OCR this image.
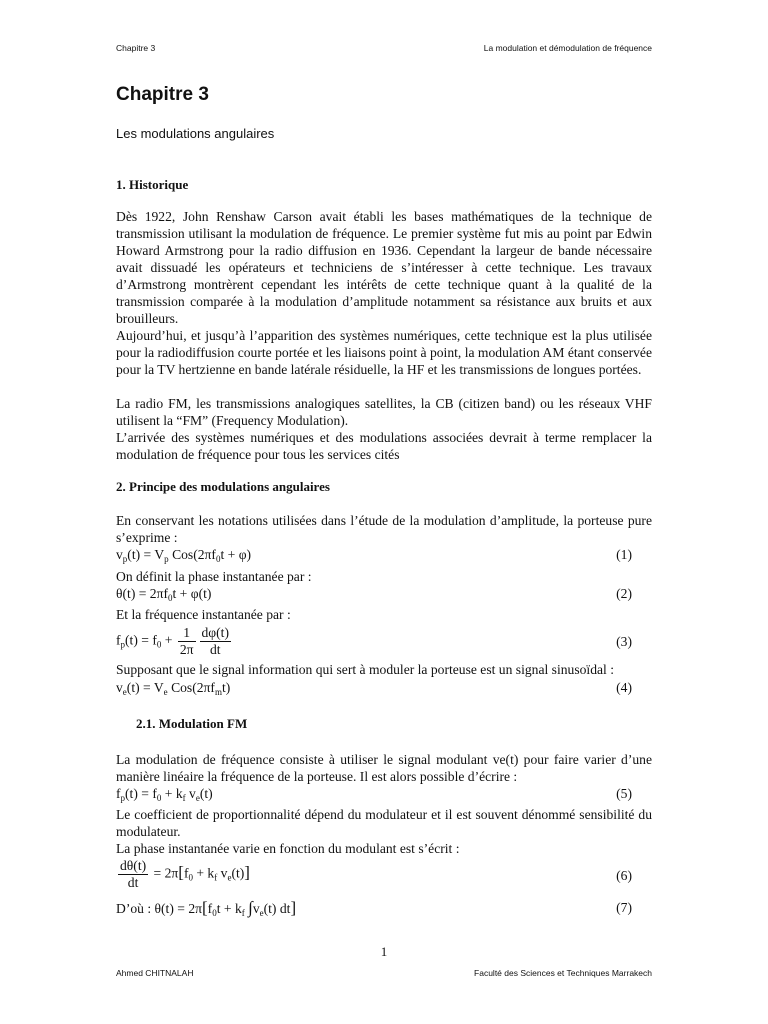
Chapitre 3	La modulation et démodulation de fréquence
Chapitre 3
Les modulations angulaires
1. Historique

Dès 1922, John Renshaw Carson avait établi les bases mathématiques de la technique de transmission utilisant la modulation de fréquence. Le premier système fut mis au point par Edwin Howard Armstrong pour la radio diffusion en 1936. Cependant la largeur de bande nécessaire avait dissuadé les opérateurs et techniciens de s’intéresser à cette technique. Les travaux d’Armstrong montrèrent cependant les intérêts de cette technique quant à la qualité de la transmission comparée à la modulation d’amplitude notamment sa résistance aux bruits et aux brouilleurs.

Aujourd’hui, et jusqu’à l’apparition des systèmes numériques, cette technique est la plus utilisée pour la radiodiffusion courte portée et les liaisons point à point, la modulation AM étant conservée pour la TV hertzienne en bande latérale résiduelle, la HF et les transmissions de longues portées.

La radio FM, les transmissions analogiques satellites, la CB (citizen band) ou les réseaux VHF utilisent la “FM” (Frequency Modulation).

L’arrivée des systèmes numériques et des modulations associées devrait à terme remplacer la modulation de fréquence pour tous les services cités

2. Principe des modulations angulaires

En conservant les notations utilisées dans l’étude de la modulation d’amplitude, la porteuse pure s’exprime :

$v_p(t) = V_p$ $Cos(2\pi f_0t + \varphi)$	(1)

On définit la phase instantanée par :

$\theta(t) = 2\pi f_0t + \varphi(t)$	(2)

Et la fréquence instantanée par :

$f_p(t) = f_0 + \frac{1}{2\pi} \frac{d\varphi(t)}{dt}$	(3)

Supposant que le signal information qui sert à moduler la porteuse est un signal sinusoïdal :

$v_e(t) = V_e$ $Cos(2\pi f_mt)$	(4)
2.1. Modulation FM

La modulation de fréquence consiste à utiliser le signal modulant ve(t) pour faire varier d’une manière linéaire la fréquence de la porteuse. Il est alors possible d’écrire :

$f_p(t) = f_0 + k_f$ $v_e(t)$	(5)

Le coefficient de proportionnalité dépend du modulateur et il est souvent dénommé sensibilité du modulateur.

La phase instantanée varie en fonction du modulant est s’écrit :

$\frac{d\theta(t)}{dt} = 2\pi[f_0 + k_f$ $v_e(t)$]	(6)
D’où : $\theta(t) = 2\pi[f_0t + k_f$ $\int v_e(t)$ dt]	(7)
1
Ahmed CHITNALAH	Faculté des Sciences et Techniques Marrakech
